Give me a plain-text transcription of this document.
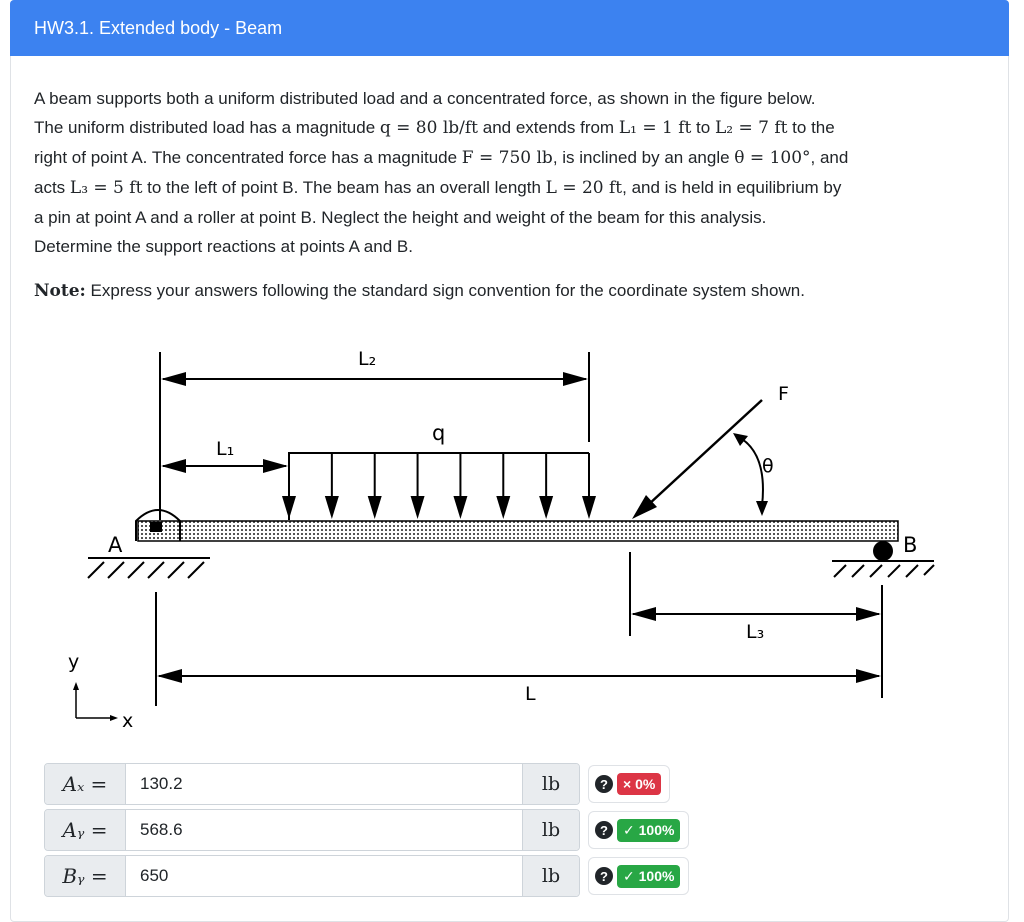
HW3.1. Extended body - Beam
A beam supports both a uniform distributed load and a concentrated force, as shown in the figure below.
The uniform distributed load has a magnitude q = 80 lb/ft and extends from L₁ = 1 ft to L₂ = 7 ft to the
right of point A. The concentrated force has a magnitude F = 750 lb, is inclined by an angle θ = 100°, and
acts L₃ = 5 ft to the left of point B. The beam has an overall length L = 20 ft, and is held in equilibrium by
a pin at point A and a roller at point B. Neglect the height and weight of the beam for this analysis.
Determine the support reactions at points A and B.
Note: Express your answers following the standard sign convention for the coordinate system shown.
L₂
L₁
q
A	B
F
θ
L₃
L
y
x
Aₓ =	130.2	lb	?	× 0%
Aᵧ =	568.6	lb	?	✓ 100%
Bᵧ =	650	lb	?	✓ 100%
